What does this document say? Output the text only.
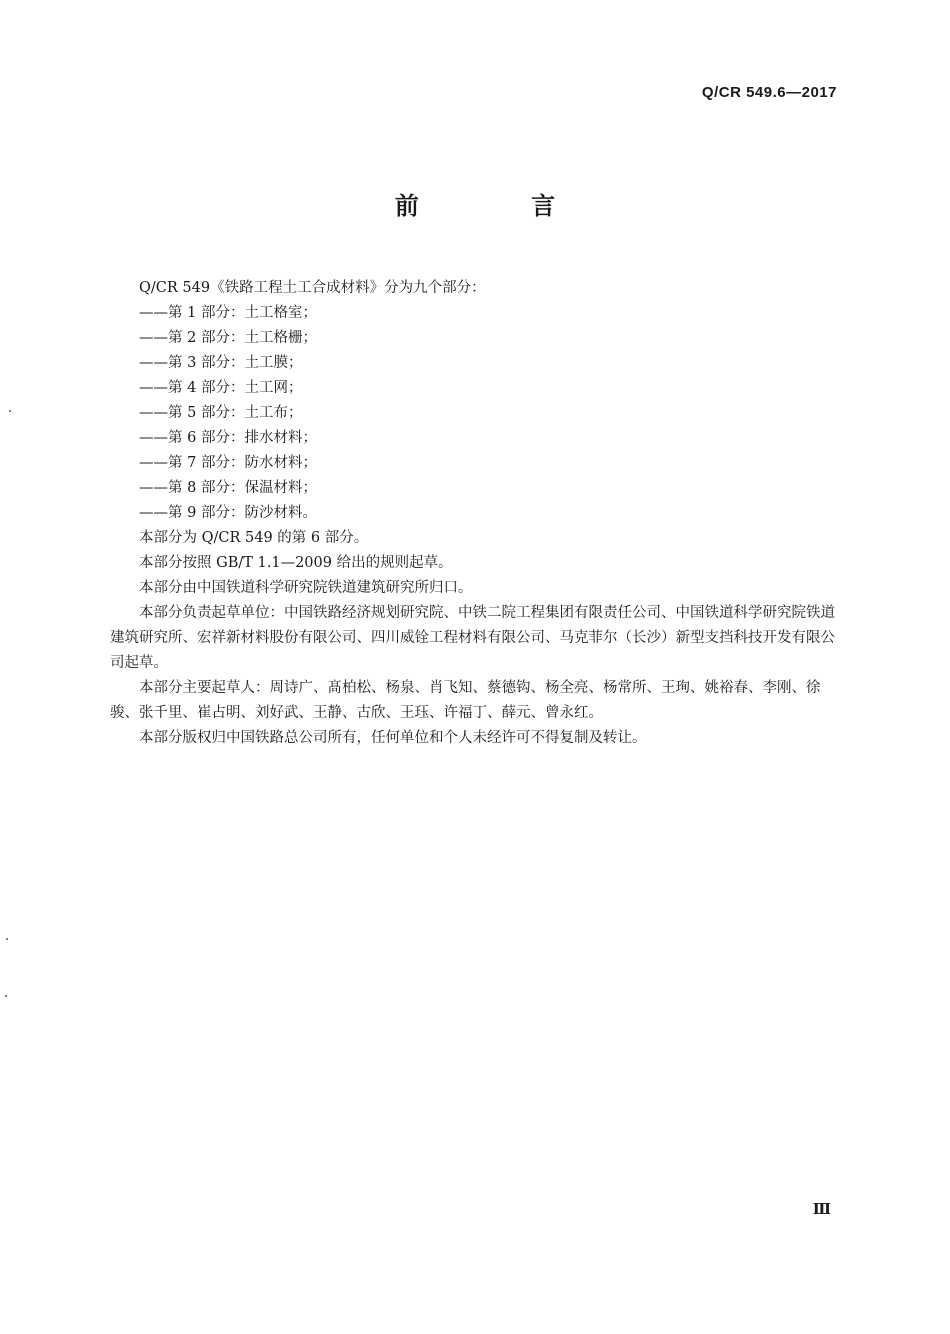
Q/CR 549.6—2017
前 言

Q/CR 549《铁路工程土工合成材料》分为九个部分：

——第 1 部分：土工格室；

——第 2 部分：土工格栅；

——第 3 部分：土工膜；

——第 4 部分：土工网；

——第 5 部分：土工布；

——第 6 部分：排水材料；

——第 7 部分：防水材料；

——第 8 部分：保温材料；

——第 9 部分：防沙材料。

本部分为 Q/CR 549 的第 6 部分。

本部分按照 GB/T 1.1—2009 给出的规则起草。

本部分由中国铁道科学研究院铁道建筑研究所归口。

本部分负责起草单位：中国铁路经济规划研究院、中铁二院工程集团有限责任公司、中国铁道科学研究院铁道建筑研究所、宏祥新材料股份有限公司、四川威铨工程材料有限公司、马克菲尔（长沙）新型支挡科技开发有限公司起草。

本部分主要起草人：周诗广、髙柏松、杨泉、肖飞知、蔡德钩、杨全亮、杨常所、王珣、姚裕春、李刚、徐骏、张千里、崔占明、刘好武、王静、古欣、王珏、许福丁、薛元、曾永红。

本部分版权归中国铁路总公司所有，任何单位和个人未经许可不得复制及转让。

Ⅲ
